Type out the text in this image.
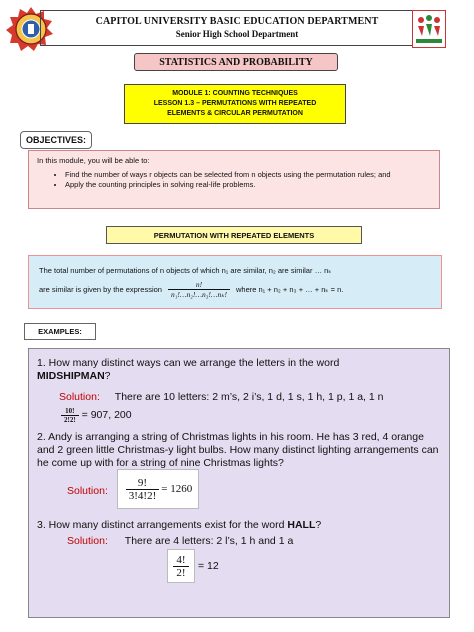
CAPITOL UNIVERSITY BASIC EDUCATION DEPARTMENT
Senior High School Department
STATISTICS AND PROBABILITY
MODULE 1: COUNTING TECHNIQUES
LESSON 1.3 – PERMUTATIONS WITH REPEATED
ELEMENTS & CIRCULAR PERMUTATION
OBJECTIVES:
In this module, you will be able to:
• Find the number of ways r objects can be selected from n objects using the permutation rules; and
• Apply the counting principles in solving real-life problems.
PERMUTATION WITH REPEATED ELEMENTS
The total number of permutations of n objects of which n₁ are similar, n₂ are similar … nₖ
are similar is given by the expression $\frac{n!}{\text{n₁!…n₂!…n₃!…nₖ!}}$ where n₁ + n₂ + n₃ + … + nₖ = n.
EXAMPLES:
1. How many distinct ways can we arrange the letters in the word
MIDSHIPMAN?
Solution: There are 10 letters: 2 m’s, 2 i’s, 1 d, 1 s, 1 h, 1 p, 1 a, 1 n
$\frac{10!}{2!2!} = 907$, 200
2. Andy is arranging a string of Christmas lights in his room. He has 3 red, 4 orange and 2 green little Christmas-y light bulbs. How many distinct lighting arrangements can he come up with for a string of nine Christmas lights?
Solution: $\frac{9!}{3!4!2!} = 1260$
3. How many distinct arrangements exist for the word HALL?
Solution: There are 4 letters: 2 l’s, 1 h and 1 a
$\frac{4!}{2!} = 12$
